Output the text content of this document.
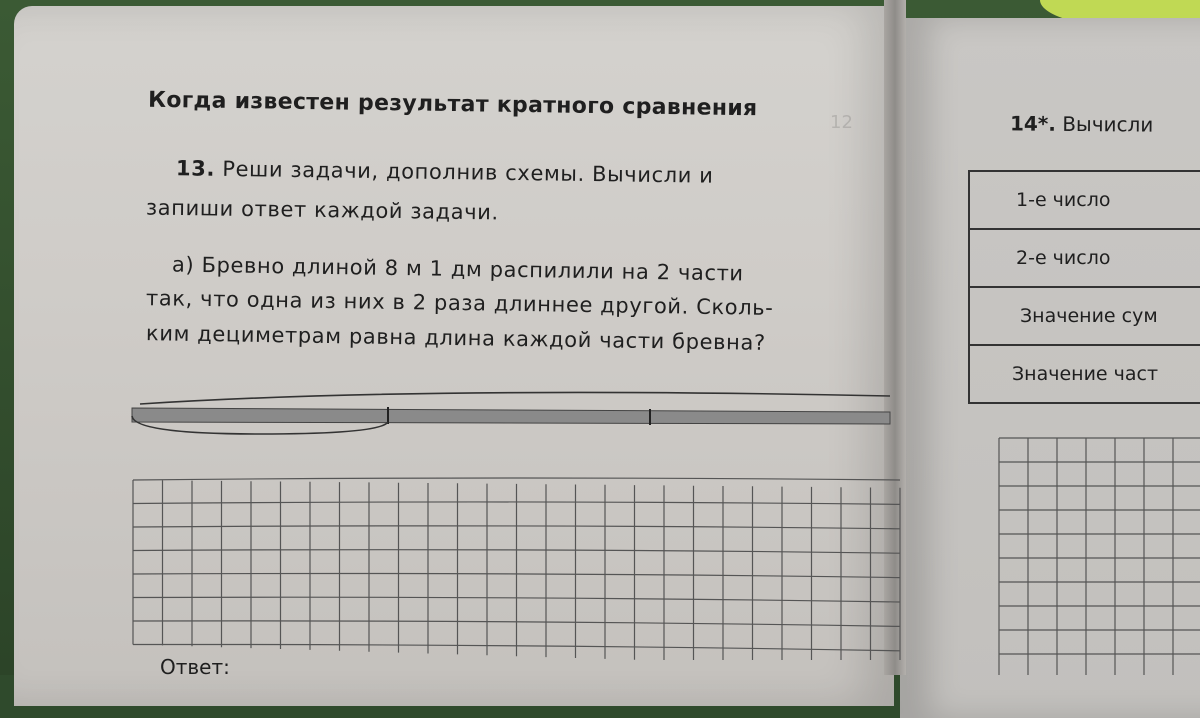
12
Когда известен результат кратного сравнения
13. Реши задачи, дополнив схемы. Вычисли и
запиши ответ каждой задачи.
а) Бревно длиной 8 м 1 дм распилили на 2 части
так, что одна из них в 2 раза длиннее другой. Сколь-
ким дециметрам равна длина каждой части бревна?
Ответ:
14*. Вычисли
1-е число
2-е число
Значение сум
Значение част
